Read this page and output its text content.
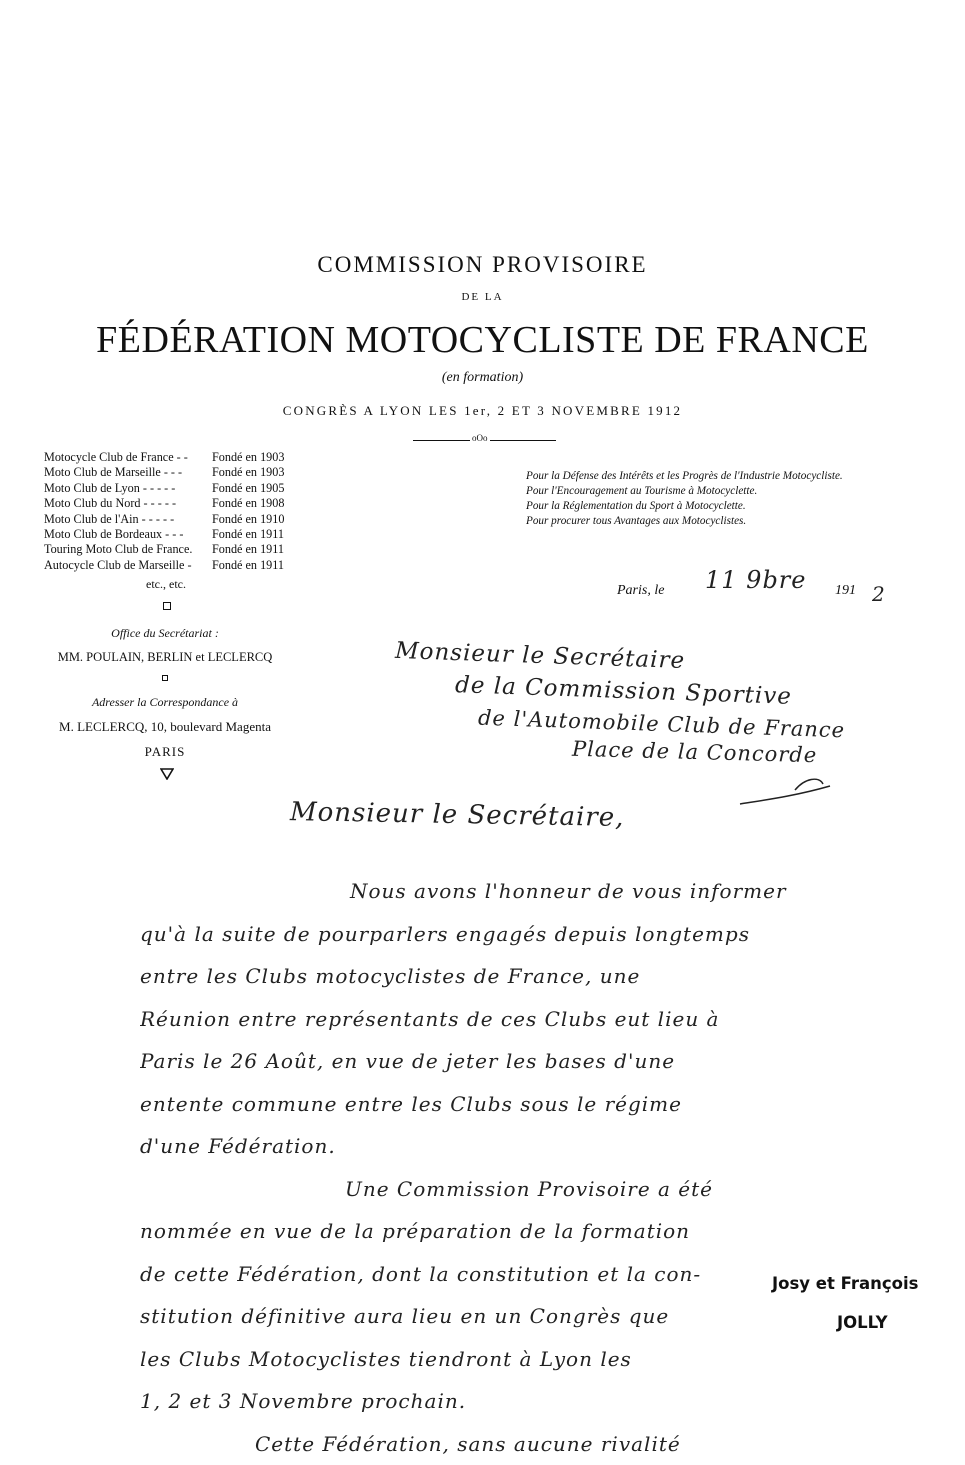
COMMISSION PROVISOIRE
DE LA
FÉDÉRATION MOTOCYCLISTE DE FRANCE
(en formation)
CONGRÈS A LYON LES 1er, 2 ET 3 NOVEMBRE 1912
oOo
Motocycle Club de France - -	Fondé en 1903
Moto Club de Marseille - - -	Fondé en 1903
Moto Club de Lyon - - - - -	Fondé en 1905
Moto Club du Nord - - - - -	Fondé en 1908
Moto Club de l'Ain - - - - -	Fondé en 1910
Moto Club de Bordeaux - - -	Fondé en 1911
Touring Moto Club de France.	Fondé en 1911
Autocycle Club de Marseille -	Fondé en 1911
etc., etc.
Office du Secrétariat :
MM. POULAIN, BERLIN et LECLERCQ
Adresser la Correspondance à
M. LECLERCQ, 10, boulevard Magenta
PARIS
Pour la Défense des Intérêts et les Progrès de l'Industrie Motocycliste.
Pour l'Encouragement au Tourisme à Motocyclette.
Pour la Réglementation du Sport à Motocyclette.
Pour procurer tous Avantages aux Motocyclistes.
Paris, le 11 9bre 191 2
Monsieur le Secrétaire
de la Commission Sportive
de l'Automobile Club de France
Place de la Concorde
Monsieur le Secrétaire,
Nous avons l'honneur de vous informer
qu'à la suite de pourparlers engagés depuis longtemps
entre les Clubs motocyclistes de France, une
Réunion entre représentants de ces Clubs eut lieu à
Paris le 26 Août, en vue de jeter les bases d'une
entente commune entre les Clubs sous le régime
d'une Fédération.
Une Commission Provisoire a été
nommée en vue de la préparation de la formation
de cette Fédération, dont la constitution et la con-
stitution définitive aura lieu en un Congrès que
les Clubs Motocyclistes tiendront à Lyon les
1, 2 et 3 Novembre prochain.
Cette Fédération, sans aucune rivalité
Josy et François
JOLLY
